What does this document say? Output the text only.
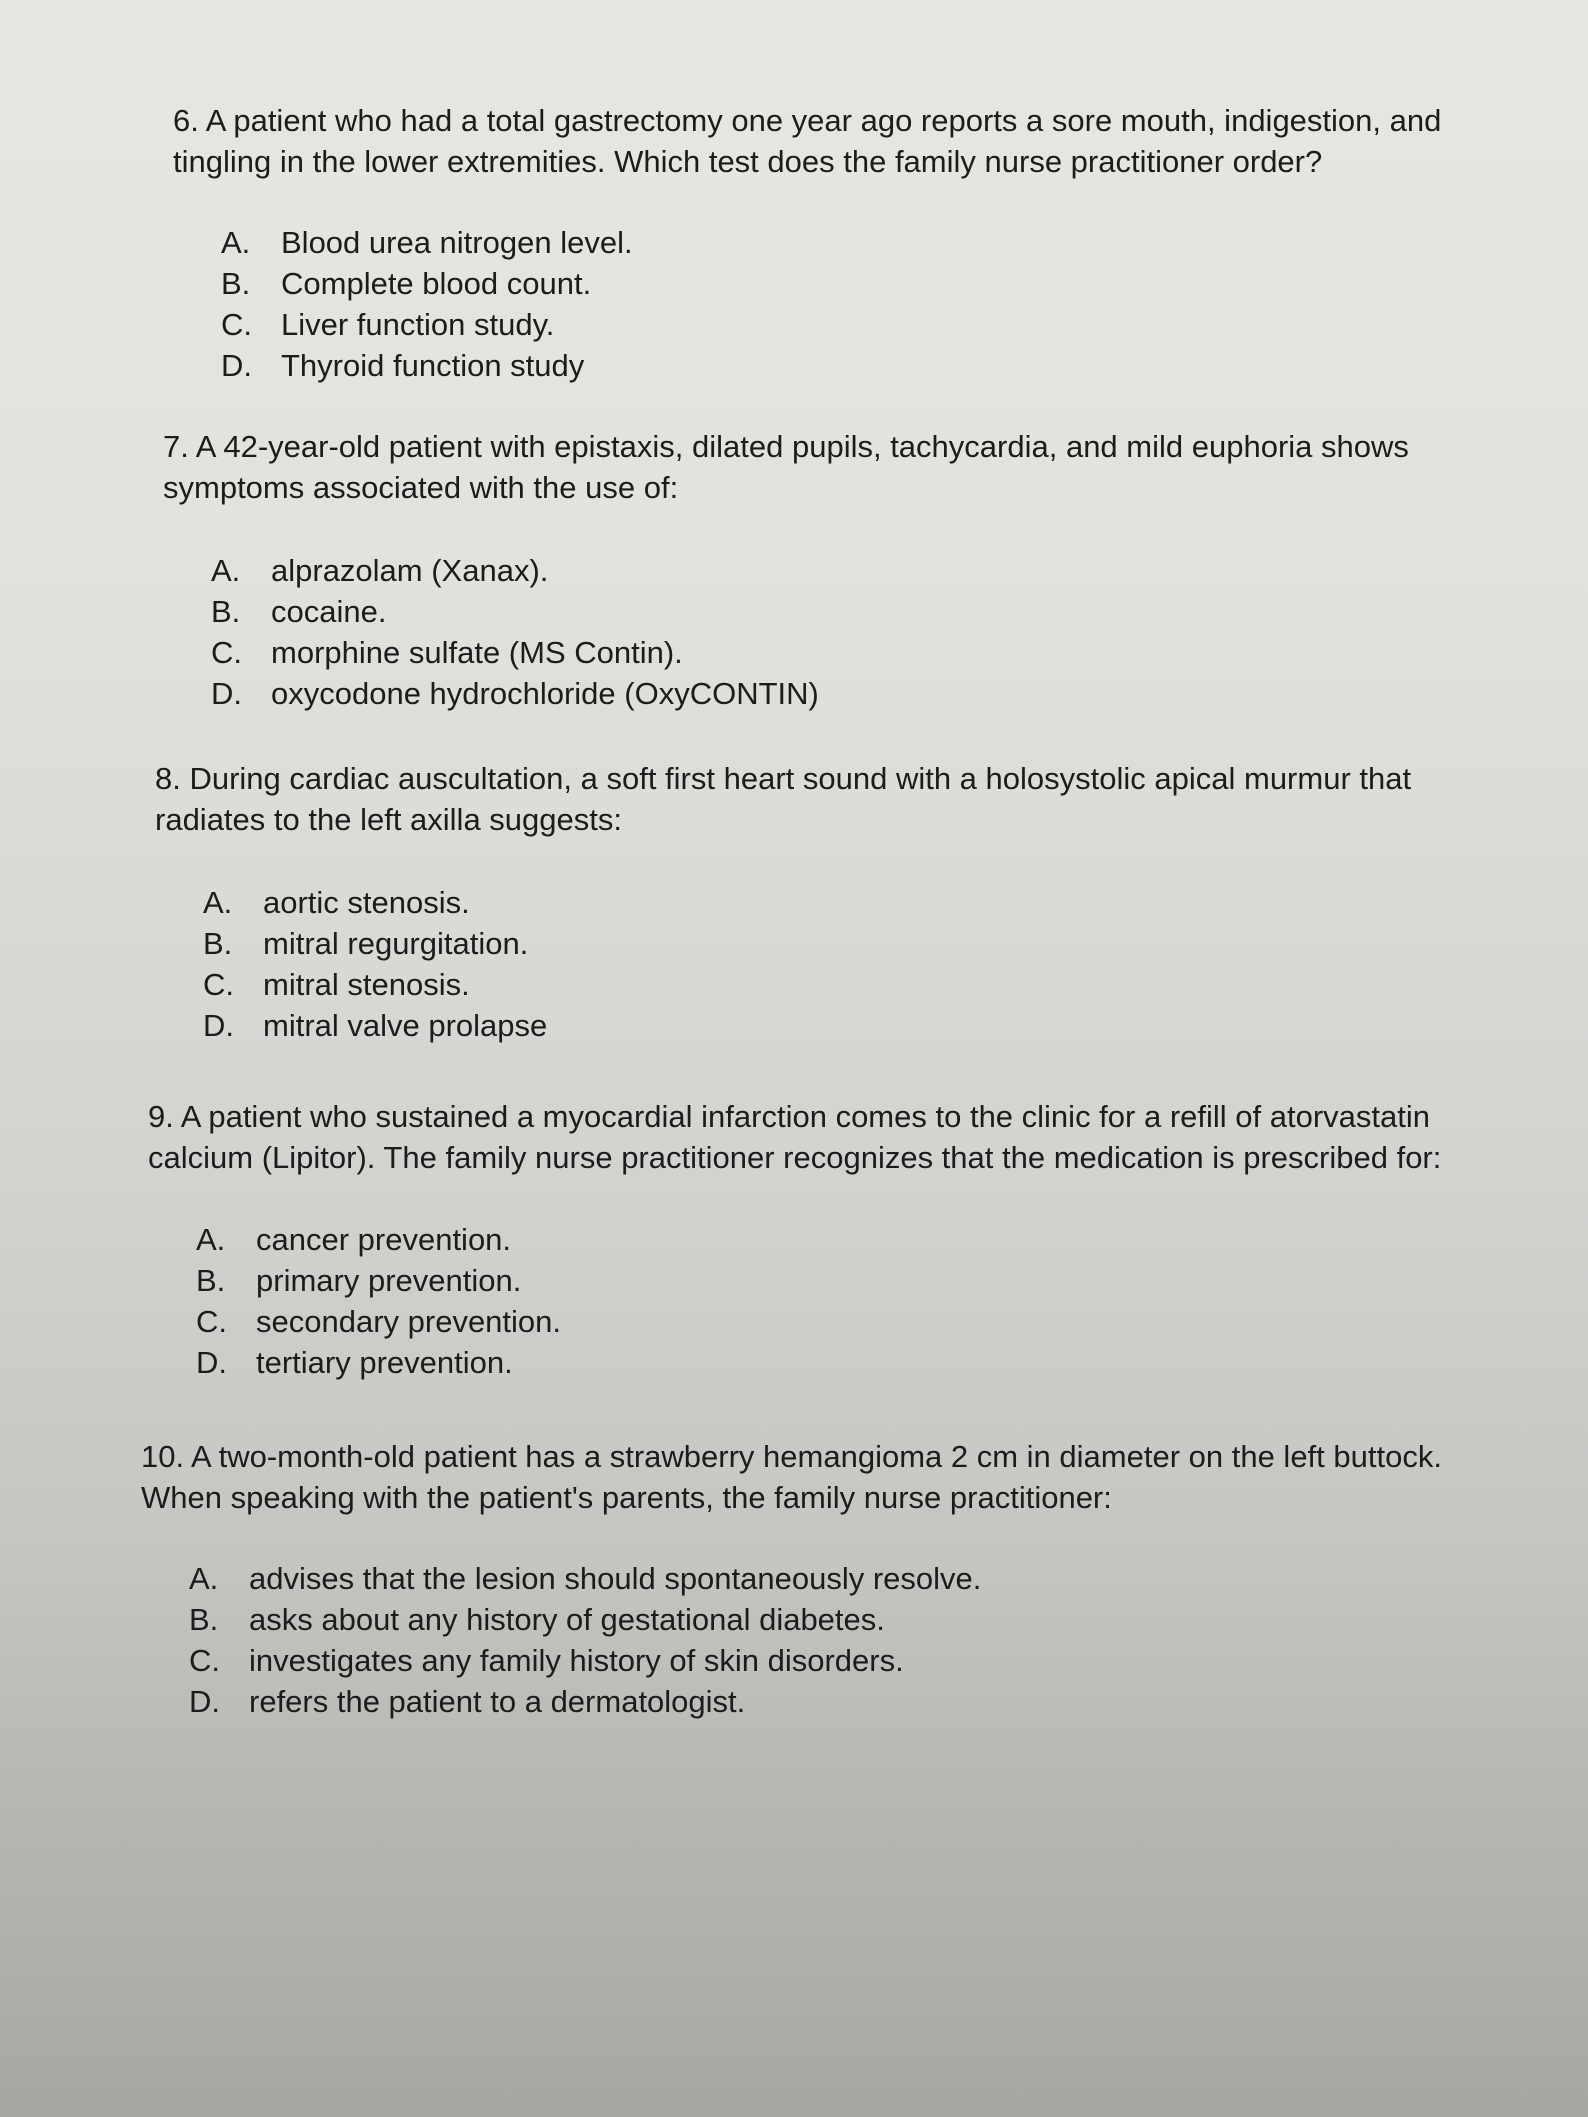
6. A patient who had a total gastrectomy one year ago reports a sore mouth, indigestion, and tingling in the lower extremities. Which test does the family nurse practitioner order?

A. Blood urea nitrogen level.
B. Complete blood count.
C. Liver function study.
D. Thyroid function study

7. A 42-year-old patient with epistaxis, dilated pupils, tachycardia, and mild euphoria shows symptoms associated with the use of:

A. alprazolam (Xanax).
B. cocaine.
C. morphine sulfate (MS Contin).
D. oxycodone hydrochloride (OxyCONTIN)

8. During cardiac auscultation, a soft first heart sound with a holosystolic apical murmur that radiates to the left axilla suggests:

A. aortic stenosis.
B. mitral regurgitation.
C. mitral stenosis.
D. mitral valve prolapse

9. A patient who sustained a myocardial infarction comes to the clinic for a refill of atorvastatin calcium (Lipitor). The family nurse practitioner recognizes that the medication is prescribed for:

A. cancer prevention.
B. primary prevention.
C. secondary prevention.
D. tertiary prevention.

10. A two-month-old patient has a strawberry hemangioma 2 cm in diameter on the left buttock. When speaking with the patient's parents, the family nurse practitioner:

A. advises that the lesion should spontaneously resolve.
B. asks about any history of gestational diabetes.
C. investigates any family history of skin disorders.
D. refers the patient to a dermatologist.
